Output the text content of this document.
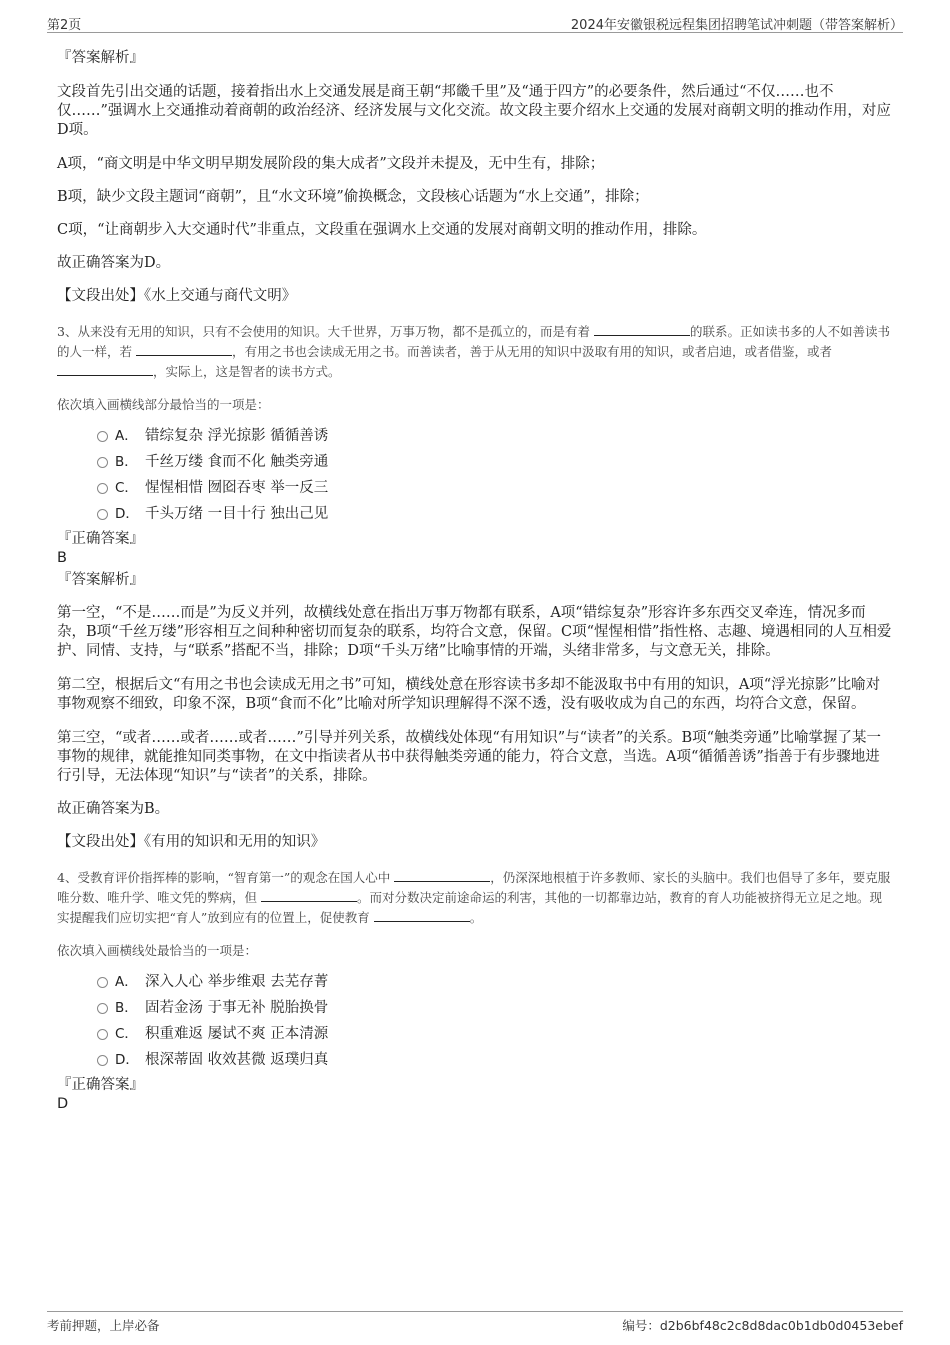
第2页	2024年安徽银税远程集团招聘笔试冲刺题（带答案解析）

『答案解析』

文段首先引出交通的话题，接着指出水上交通发展是商王朝“邦畿千里”及“通于四方”的必要条件，然后通过“不仅……也不仅……”强调水上交通推动着商朝的政治经济、经济发展与文化交流。故文段主要介绍水上交通的发展对商朝文明的推动作用，对应D项。

A项，“商文明是中华文明早期发展阶段的集大成者”文段并未提及，无中生有，排除；

B项，缺少文段主题词“商朝”，且“水文环境”偷换概念，文段核心话题为“水上交通”，排除；

C项，“让商朝步入大交通时代”非重点，文段重在强调水上交通的发展对商朝文明的推动作用，排除。

故正确答案为D。

【文段出处】《水上交通与商代文明》

3、从来没有无用的知识，只有不会使用的知识。大千世界，万事万物，都不是孤立的，而是有着	的联系。正如读书多的人不如善读书的人一样，若	，有用之书也会读成无用之书。而善读者，善于从无用的知识中汲取有用的知识，或者启迪，或者借鉴，或者 ，实际上，这是智者的读书方式。

依次填入画横线部分最恰当的一项是：

A． 错综复杂 浮光掠影 循循善诱
B． 千丝万缕 食而不化 触类旁通
C． 惺惺相惜 囫囵吞枣 举一反三
D． 千头万绪 一目十行 独出己见

『正确答案』

B

『答案解析』

第一空，“不是……而是”为反义并列，故横线处意在指出万事万物都有联系，A项“错综复杂”形容许多东西交叉牵连，情况多而杂，B项“千丝万缕”形容相互之间种种密切而复杂的联系，均符合文意，保留。C项“惺惺相惜”指性格、志趣、境遇相同的人互相爱护、同情、支持，与“联系”搭配不当，排除；D项“千头万绪”比喻事情的开端，头绪非常多，与文意无关，排除。

第二空，根据后文“有用之书也会读成无用之书”可知，横线处意在形容读书多却不能汲取书中有用的知识，A项“浮光掠影”比喻对事物观察不细致，印象不深，B项“食而不化”比喻对所学知识理解得不深不透，没有吸收成为自己的东西，均符合文意，保留。

第三空，“或者……或者……或者……”引导并列关系，故横线处体现“有用知识”与“读者”的关系。B项“触类旁通”比喻掌握了某一事物的规律，就能推知同类事物，在文中指读者从书中获得触类旁通的能力，符合文意，当选。A项“循循善诱”指善于有步骤地进行引导，无法体现“知识”与“读者”的关系，排除。

故正确答案为B。

【文段出处】《有用的知识和无用的知识》

4、受教育评价指挥棒的影响，“智育第一”的观念在国人心中	，仍深深地根植于许多教师、家长的头脑中。我们也倡导了多年，要克服唯分数、唯升学、唯文凭的弊病，但	。而对分数决定前途命运的利害，其他的一切都靠边站，教育的育人功能被挤得无立足之地。现实提醒我们应切实把“育人”放到应有的位置上，促使教育	。

依次填入画横线处最恰当的一项是：

A． 深入人心 举步维艰 去芜存菁
B． 固若金汤 于事无补 脱胎换骨
C． 积重难返 屡试不爽 正本清源
D． 根深蒂固 收效甚微 返璞归真

『正确答案』

D

考前押题，上岸必备	编号：d2b6bf48c2c8d8dac0b1db0d0453ebef
